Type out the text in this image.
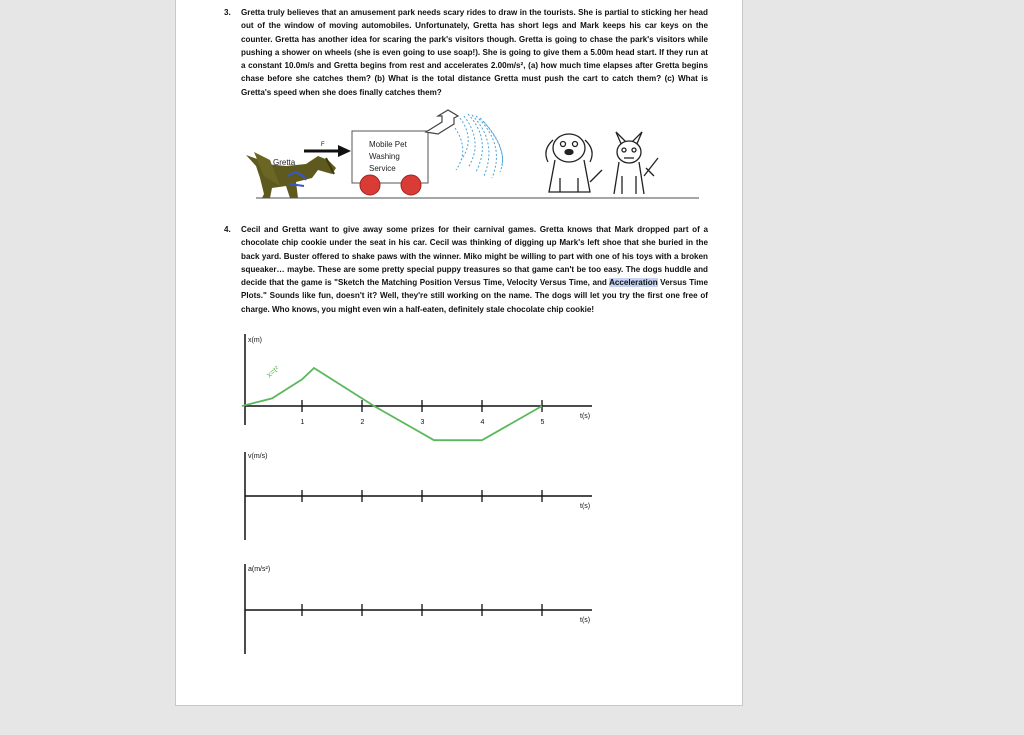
3. Gretta truly believes that an amusement park needs scary rides to draw in the tourists. She is partial to sticking her head out of the window of moving automobiles. Unfortunately, Gretta has short legs and Mark keeps his car keys on the counter. Gretta has another idea for scaring the park's visitors though. Gretta is going to chase the park's visitors while pushing a shower on wheels (she is even going to use soap!). She is going to give them a 5.00m head start. If they run at a constant 10.0m/s and Gretta begins from rest and accelerates 2.00m/s², (a) how much time elapses after Gretta begins chase before she catches them? (b) What is the total distance Gretta must push the cart to catch them? (c) What is Gretta's speed when she does finally catches them?
4. Cecil and Gretta want to give away some prizes for their carnival games. Gretta knows that Mark dropped part of a chocolate chip cookie under the seat in his car. Cecil was thinking of digging up Mark's left shoe that she buried in the back yard. Buster offered to shake paws with the winner. Miko might be willing to part with one of his toys with a broken squeaker… maybe. These are some pretty special puppy treasures so that game can't be too easy. The dogs huddle and decide that the game is "Sketch the Matching Position Versus Time, Velocity Versus Time, and Acceleration Versus Time Plots." Sounds like fun, doesn't it? Well, they're still working on the name. The dogs will let you try the first one free of charge. Who knows, you might even win a half-eaten, definitely stale chocolate chip cookie!
Gretta
F	Mobile Pet
Washing
Service
x(m)
t(s)
1	2	3	4	5
x=t²
v(m/s)
t(s)
a(m/s²)
t(s)
